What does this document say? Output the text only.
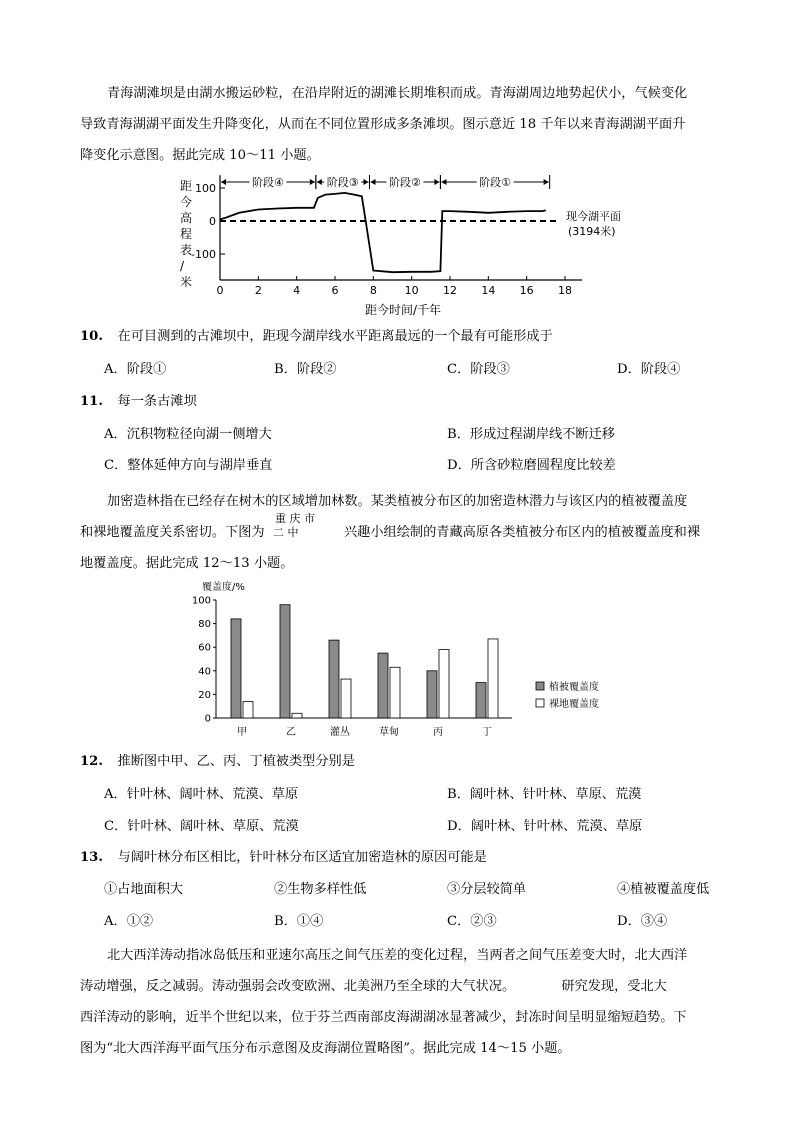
青海湖滩坝是由湖水搬运砂粒，在沿岸附近的湖滩长期堆积而成。青海湖周边地势起伏小，气候变化
导致青海湖湖平面发生升降变化，从而在不同位置形成多条滩坝。图示意近 18 千年以来青海湖湖平面升
降变化示意图。据此完成 10～11 小题。
距
今
高
程
表
/
米
100
0
-100
0	2	4	6	8	10 12 14 16 18
阶段④	阶段③	阶段②	阶段①
现今湖平面
(3194米)
距今时间/千年
10. 在可目测到的古滩坝中，距现今湖岸线水平距离最远的一个最有可能形成于
A．阶段①	B．阶段②	C．阶段③	D．阶段④
11. 每一条古滩坝
A．沉积物粒径向湖一侧增大	B．形成过程湖岸线不断迁移
C．整体延伸方向与湖岸垂直	D．所含砂粒磨圆程度比较差
加密造林指在已经存在树木的区域增加林数。某类植被分布区的加密造林潜力与该区内的植被覆盖度
和裸地覆盖度关系密切。下图为
重 庆 市
二 中	兴趣小组绘制的青藏高原各类植被分布区内的植被覆盖度和裸
地覆盖度。据此完成 12～13 小题。
覆盖度/%
100
80
60
40
20
0
甲	乙	灌丛	草甸	丙	丁
植被覆盖度
裸地覆盖度
12. 推断图中甲、乙、丙、丁植被类型分别是
A．针叶林、阔叶林、荒漠、草原	B．阔叶林、针叶林、草原、荒漠
C．针叶林、阔叶林、草原、荒漠	D．阔叶林、针叶林、荒漠、草原
13. 与阔叶林分布区相比，针叶林分布区适宜加密造林的原因可能是
①占地面积大	②生物多样性低	③分层较简单	④植被覆盖度低
A．①②	B．①④	C．②③	D．③④
北大西洋涛动指冰岛低压和亚速尔高压之间气压差的变化过程，当两者之间气压差变大时，北大西洋
涛动增强，反之减弱。涛动强弱会改变欧洲、北美洲乃至全球的大气状况。　　　　研究发现，受北大
西洋涛动的影响，近半个世纪以来，位于芬兰西南部皮海湖湖冰显著减少，封冻时间呈明显缩短趋势。下
图为“北大西洋海平面气压分布示意图及皮海湖位置略图”。据此完成 14～15 小题。
